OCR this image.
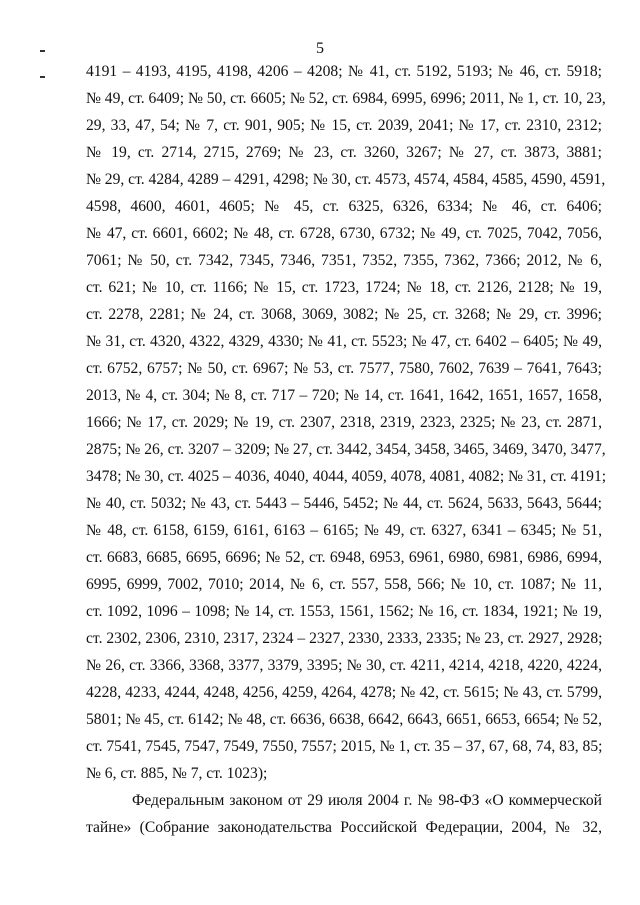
5
4191 – 4193, 4195, 4198, 4206 – 4208; № 41, ст. 5192, 5193; № 46, ст. 5918;
№ 49, ст. 6409; № 50, ст. 6605; № 52, ст. 6984, 6995, 6996; 2011, № 1, ст. 10, 23,
29, 33, 47, 54; № 7, ст. 901, 905; № 15, ст. 2039, 2041; № 17, ст. 2310, 2312;
№ 19, ст. 2714, 2715, 2769; № 23, ст. 3260, 3267; № 27, ст. 3873, 3881;
№ 29, ст. 4284, 4289 – 4291, 4298; № 30, ст. 4573, 4574, 4584, 4585, 4590, 4591,
4598, 4600, 4601, 4605; № 45, ст. 6325, 6326, 6334; № 46, ст. 6406;
№ 47, ст. 6601, 6602; № 48, ст. 6728, 6730, 6732; № 49, ст. 7025, 7042, 7056,
7061; № 50, ст. 7342, 7345, 7346, 7351, 7352, 7355, 7362, 7366; 2012, № 6,
ст. 621; № 10, ст. 1166; № 15, ст. 1723, 1724; № 18, ст. 2126, 2128; № 19,
ст. 2278, 2281; № 24, ст. 3068, 3069, 3082; № 25, ст. 3268; № 29, ст. 3996;
№ 31, ст. 4320, 4322, 4329, 4330; № 41, ст. 5523; № 47, ст. 6402 – 6405; № 49,
ст. 6752, 6757; № 50, ст. 6967; № 53, ст. 7577, 7580, 7602, 7639 – 7641, 7643;
2013, № 4, ст. 304; № 8, ст. 717 – 720; № 14, ст. 1641, 1642, 1651, 1657, 1658,
1666; № 17, ст. 2029; № 19, ст. 2307, 2318, 2319, 2323, 2325; № 23, ст. 2871,
2875; № 26, ст. 3207 – 3209; № 27, ст. 3442, 3454, 3458, 3465, 3469, 3470, 3477,
3478; № 30, ст. 4025 – 4036, 4040, 4044, 4059, 4078, 4081, 4082; № 31, ст. 4191;
№ 40, ст. 5032; № 43, ст. 5443 – 5446, 5452; № 44, ст. 5624, 5633, 5643, 5644;
№ 48, ст. 6158, 6159, 6161, 6163 – 6165; № 49, ст. 6327, 6341 – 6345; № 51,
ст. 6683, 6685, 6695, 6696; № 52, ст. 6948, 6953, 6961, 6980, 6981, 6986, 6994,
6995, 6999, 7002, 7010; 2014, № 6, ст. 557, 558, 566; № 10, ст. 1087; № 11,
ст. 1092, 1096 – 1098; № 14, ст. 1553, 1561, 1562; № 16, ст. 1834, 1921; № 19,
ст. 2302, 2306, 2310, 2317, 2324 – 2327, 2330, 2333, 2335; № 23, ст. 2927, 2928;
№ 26, ст. 3366, 3368, 3377, 3379, 3395; № 30, ст. 4211, 4214, 4218, 4220, 4224,
4228, 4233, 4244, 4248, 4256, 4259, 4264, 4278; № 42, ст. 5615; № 43, ст. 5799,
5801; № 45, ст. 6142; № 48, ст. 6636, 6638, 6642, 6643, 6651, 6653, 6654; № 52,
ст. 7541, 7545, 7547, 7549, 7550, 7557; 2015, № 1, ст. 35 – 37, 67, 68, 74, 83, 85;
№ 6, ст. 885, № 7, ст. 1023);
Федеральным законом от 29 июля 2004 г. № 98-ФЗ «О коммерческой
тайне» (Собрание законодательства Российской Федерации, 2004, № 32,
